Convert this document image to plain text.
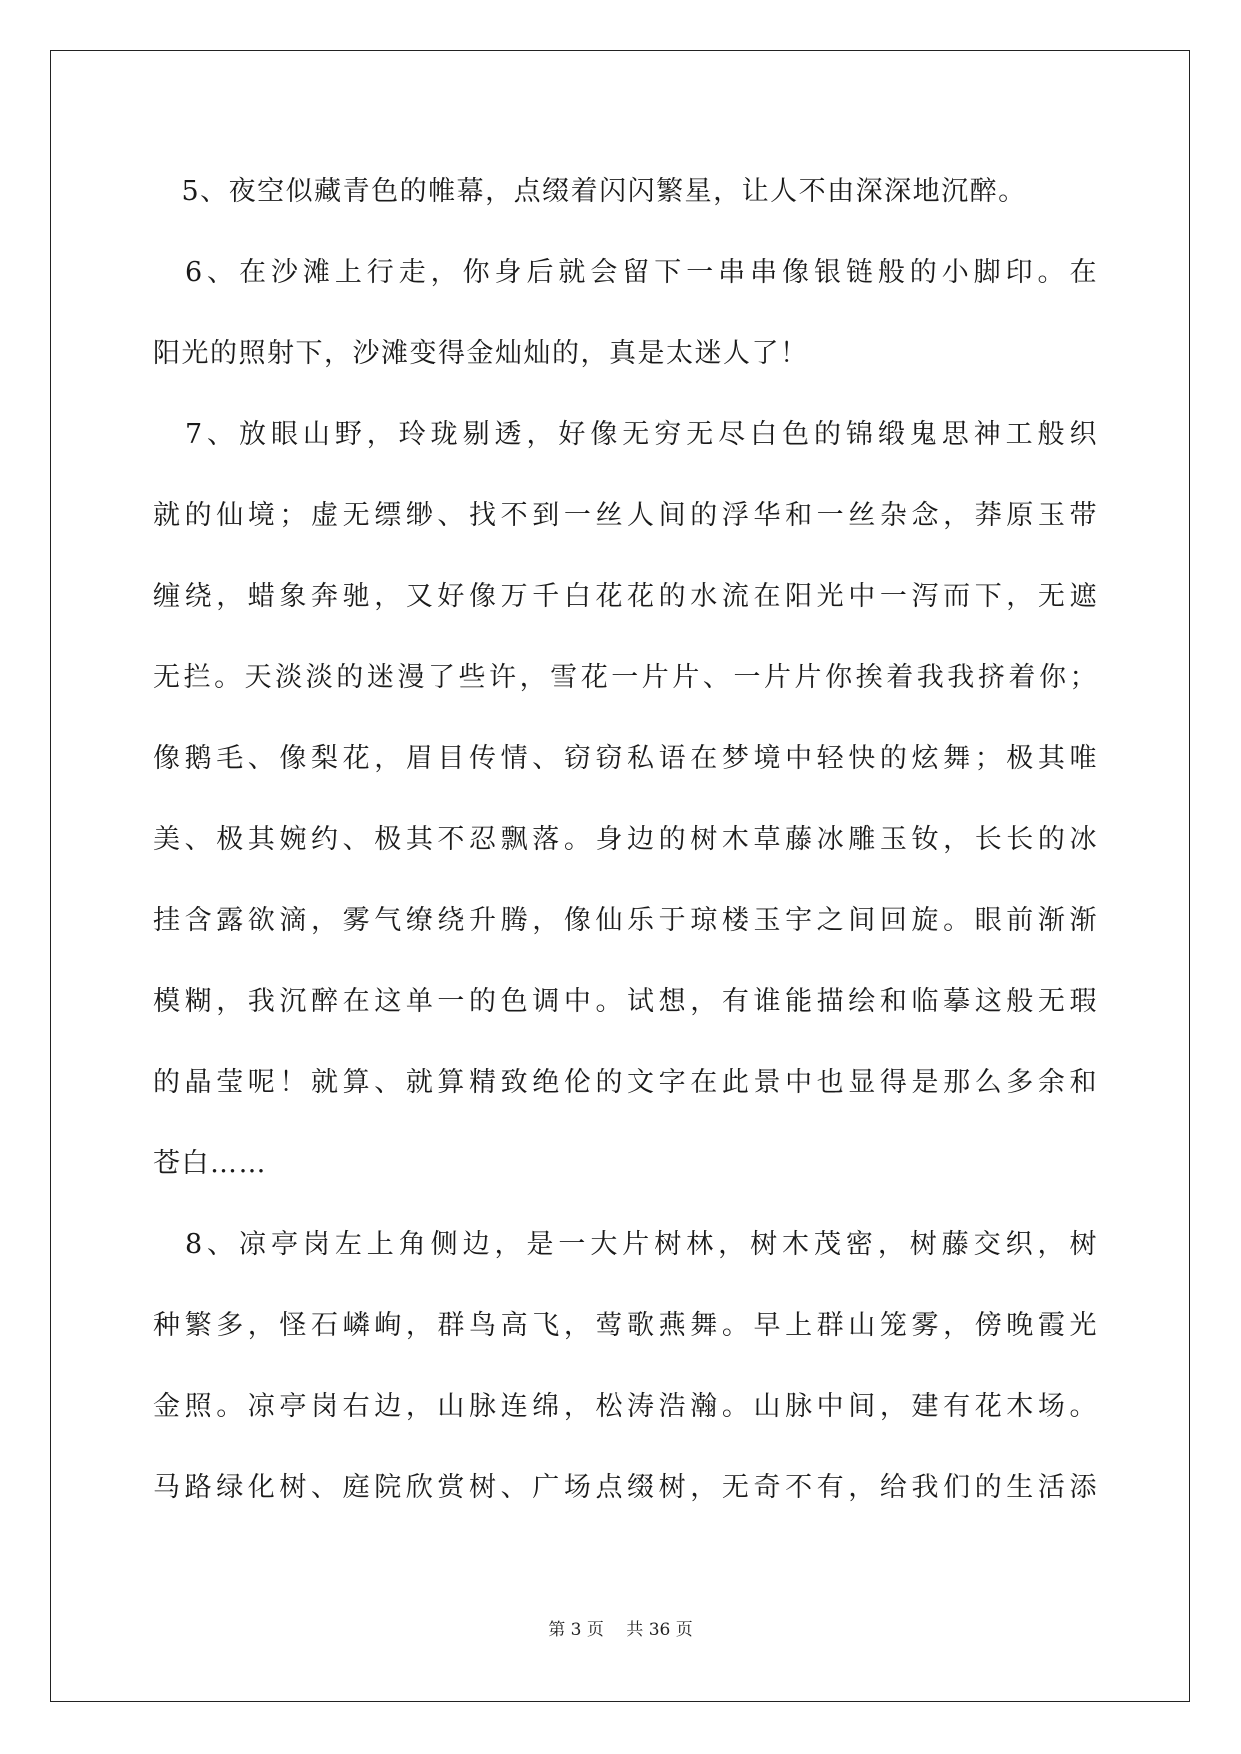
　5、夜空似藏青色的帷幕，点缀着闪闪繁星，让人不由深深地沉醉。
　6、在沙滩上行走，你身后就会留下一串串像银链般的小脚印。在
阳光的照射下，沙滩变得金灿灿的，真是太迷人了！
　7、放眼山野，玲珑剔透，好像无穷无尽白色的锦缎鬼思神工般织
就的仙境；虚无缥缈、找不到一丝人间的浮华和一丝杂念，莽原玉带
缠绕，蜡象奔驰，又好像万千白花花的水流在阳光中一泻而下，无遮
无拦。天淡淡的迷漫了些许，雪花一片片、一片片你挨着我我挤着你；
像鹅毛、像梨花，眉目传情、窃窃私语在梦境中轻快的炫舞；极其唯
美、极其婉约、极其不忍飘落。身边的树木草藤冰雕玉钕，长长的冰
挂含露欲滴，雾气缭绕升腾，像仙乐于琼楼玉宇之间回旋。眼前渐渐
模糊，我沉醉在这单一的色调中。试想，有谁能描绘和临摹这般无瑕
的晶莹呢！就算、就算精致绝伦的文字在此景中也显得是那么多余和
苍白……
　8、凉亭岗左上角侧边，是一大片树林，树木茂密，树藤交织，树
种繁多，怪石嶙峋，群鸟高飞，莺歌燕舞。早上群山笼雾，傍晚霞光
金照。凉亭岗右边，山脉连绵，松涛浩瀚。山脉中间，建有花木场。
马路绿化树、庭院欣赏树、广场点缀树，无奇不有，给我们的生活添
第 3 页　 共 36 页
